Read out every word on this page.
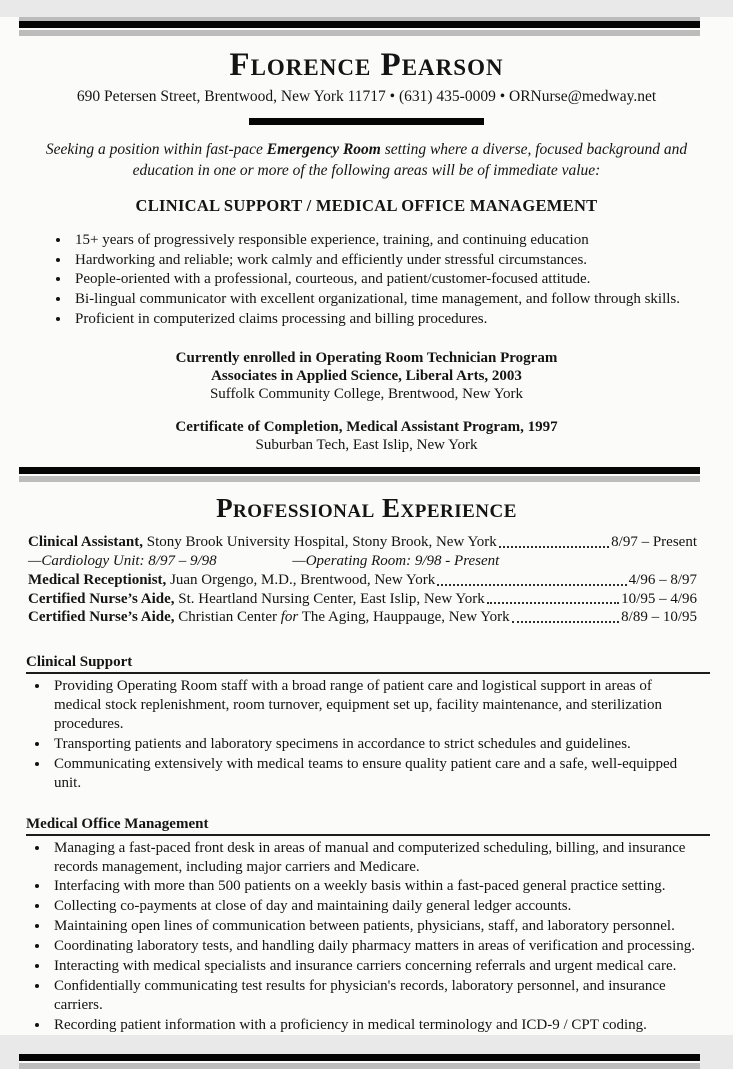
Florence Pearson
690 Petersen Street, Brentwood, New York 11717 • (631) 435-0009 • ORNurse@medway.net
Seeking a position within fast-pace Emergency Room setting where a diverse, focused background and education in one or more of the following areas will be of immediate value:
CLINICAL SUPPORT / MEDICAL OFFICE MANAGEMENT
• 15+ years of progressively responsible experience, training, and continuing education
• Hardworking and reliable; work calmly and efficiently under stressful circumstances.
• People-oriented with a professional, courteous, and patient/customer-focused attitude.
• Bi-lingual communicator with excellent organizational, time management, and follow through skills.
• Proficient in computerized claims processing and billing procedures.
Currently enrolled in Operating Room Technician Program
Associates in Applied Science, Liberal Arts, 2003
Suffolk Community College, Brentwood, New York
Certificate of Completion, Medical Assistant Program, 1997
Suburban Tech, East Islip, New York
Professional Experience
Clinical Assistant, Stony Brook University Hospital, Stony Brook, New York	8/97 – Present
—Cardiology Unit: 8/97 – 9/98	—Operating Room: 9/98 - Present
Medical Receptionist, Juan Orgengo, M.D., Brentwood, New York	4/96 – 8/97
Certified Nurse’s Aide, St. Heartland Nursing Center, East Islip, New York	10/95 – 4/96
Certified Nurse’s Aide, Christian Center for The Aging, Hauppauge, New York	8/89 – 10/95
Clinical Support
• Providing Operating Room staff with a broad range of patient care and logistical support in areas of medical stock replenishment, room turnover, equipment set up, facility maintenance, and sterilization procedures.
• Transporting patients and laboratory specimens in accordance to strict schedules and guidelines.
• Communicating extensively with medical teams to ensure quality patient care and a safe, well-equipped unit.
Medical Office Management
• Managing a fast-paced front desk in areas of manual and computerized scheduling, billing, and insurance records management, including major carriers and Medicare.
• Interfacing with more than 500 patients on a weekly basis within a fast-paced general practice setting.
• Collecting co-payments at close of day and maintaining daily general ledger accounts.
• Maintaining open lines of communication between patients, physicians, staff, and laboratory personnel.
• Coordinating laboratory tests, and handling daily pharmacy matters in areas of verification and processing.
• Interacting with medical specialists and insurance carriers concerning referrals and urgent medical care.
• Confidentially communicating test results for physician's records, laboratory personnel, and insurance carriers.
• Recording patient information with a proficiency in medical terminology and ICD-9 / CPT coding.
